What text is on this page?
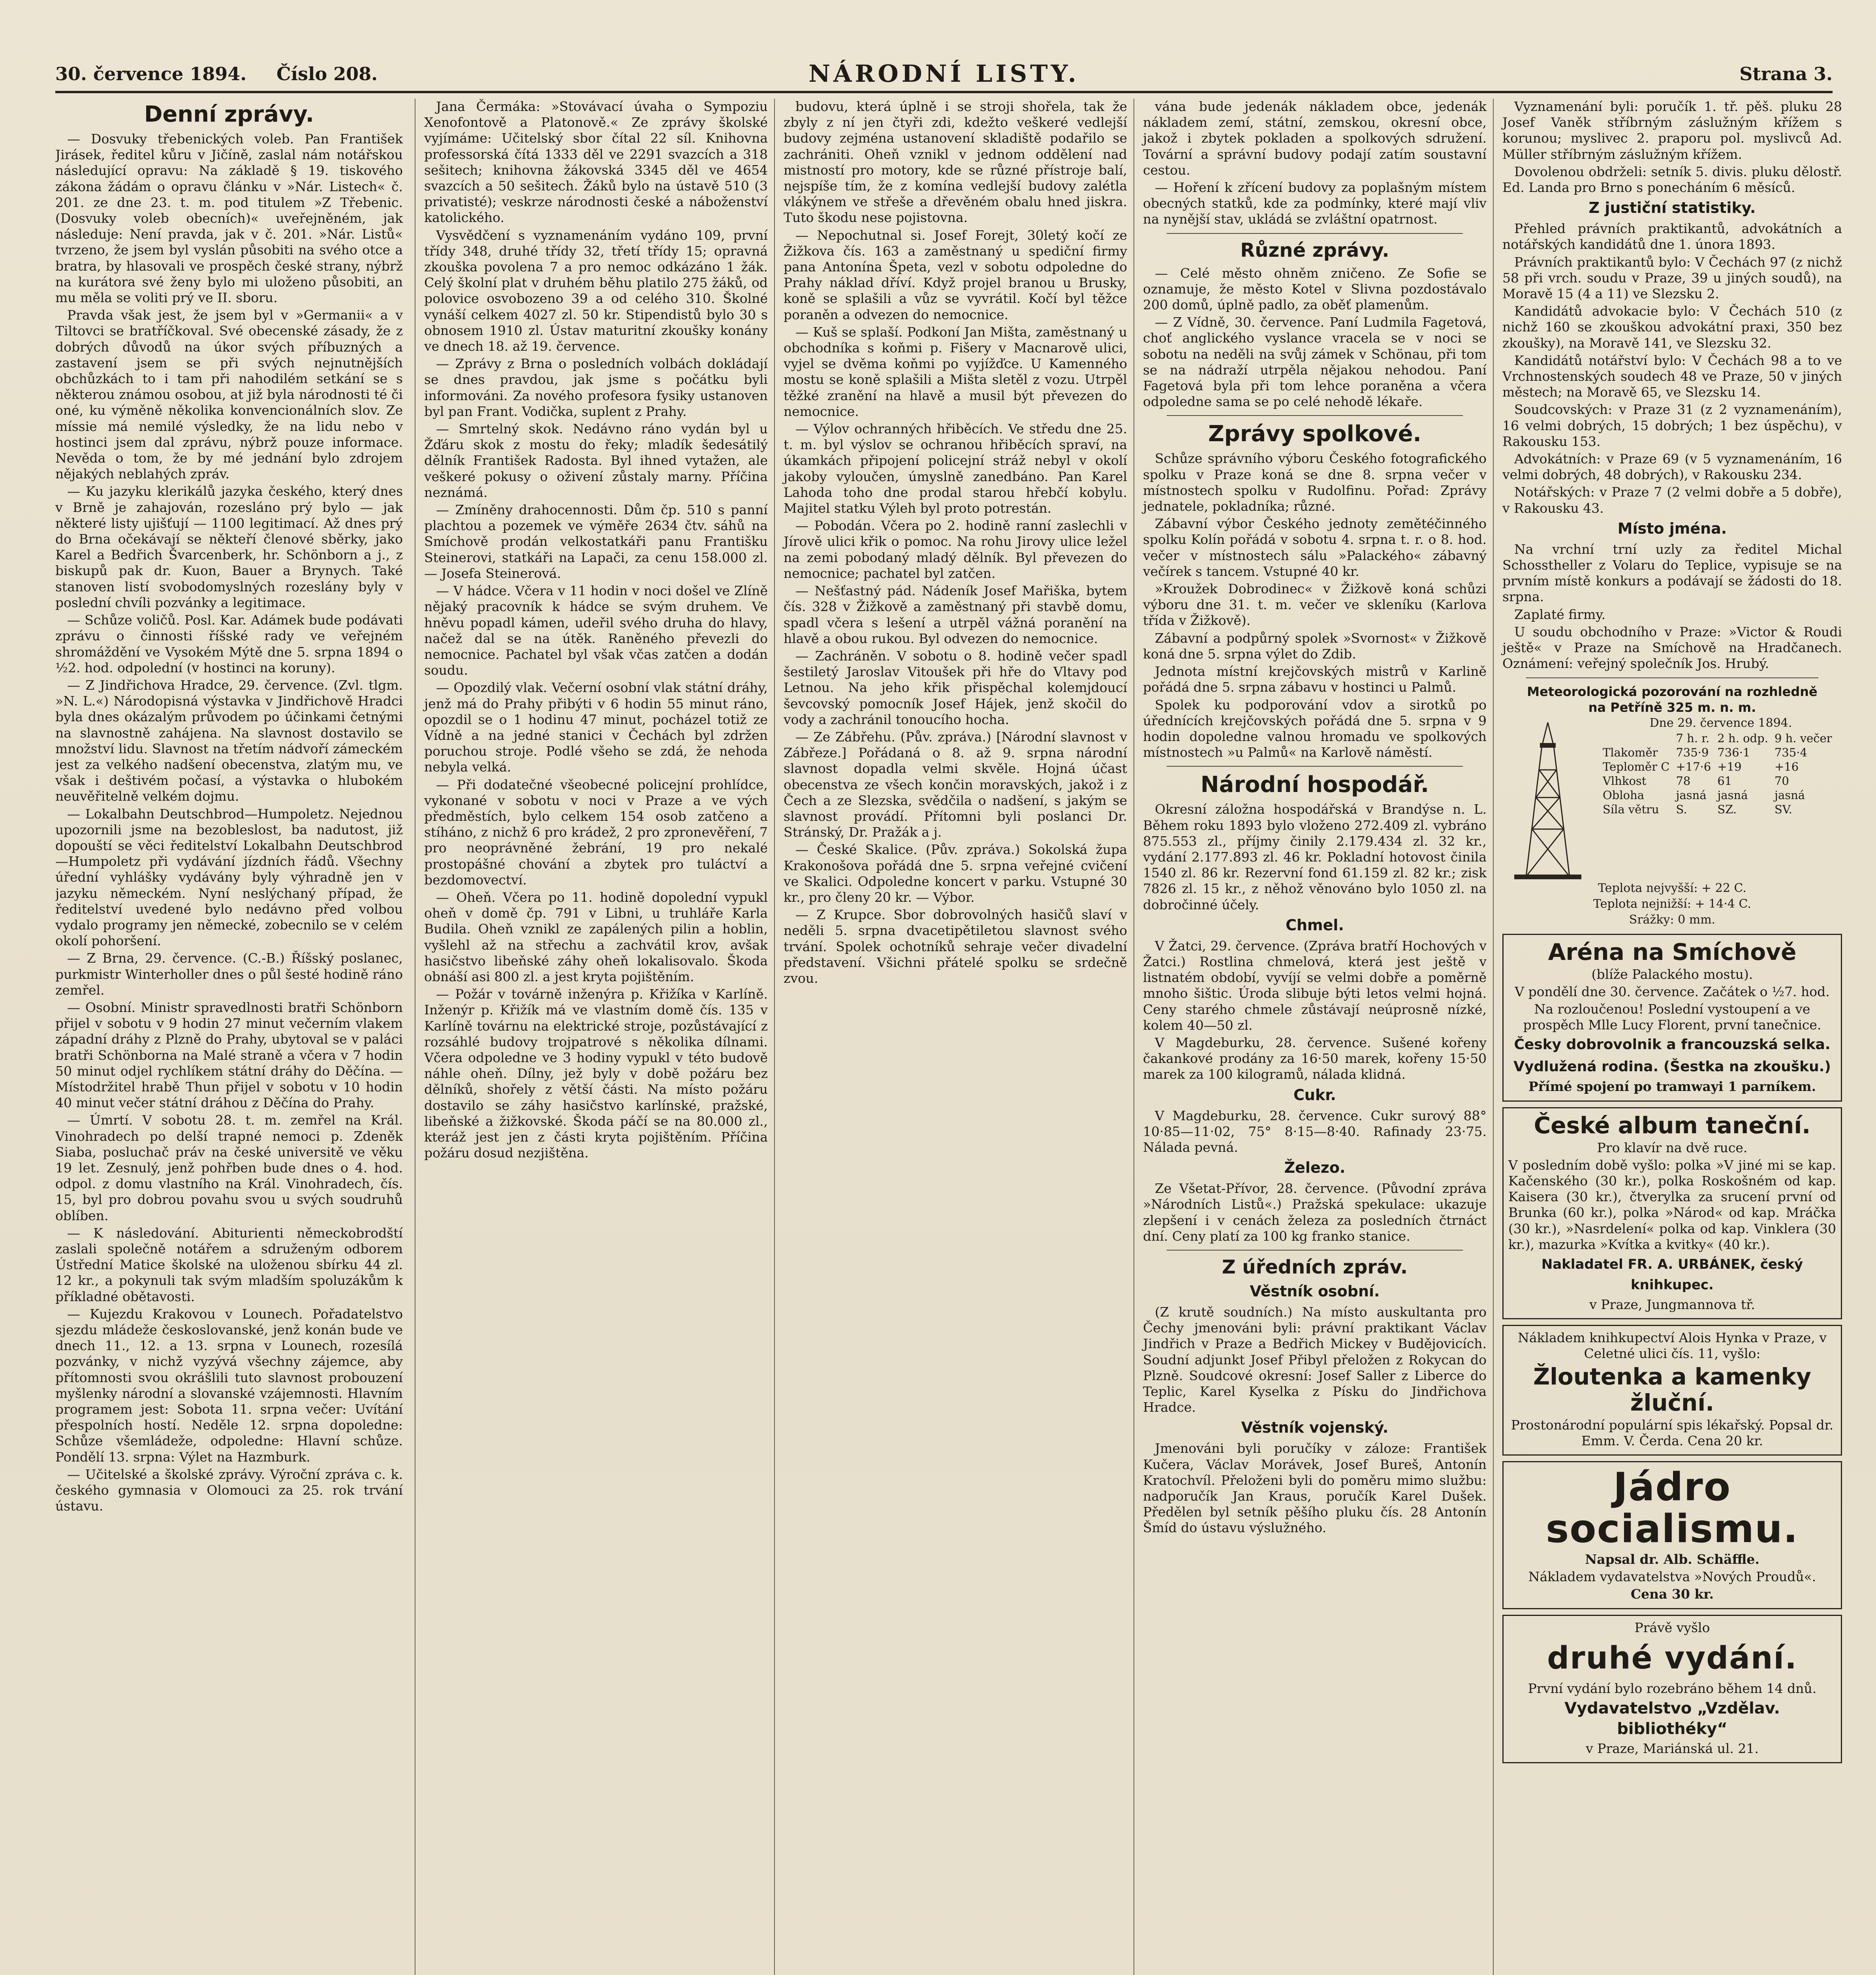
30. července 1894.	NÁRODNÍ LISTY.	Strana 3.
Číslo 208.
Denní zprávy.

— Dosvuky třebenických voleb. Pan František Jirásek, ředitel kůru v Jičíně, zaslal nám notářskou následující opravu: Na základě § 19. tiskového zákona žádám o opravu článku v »Nár. Listech« č. 201. ze dne 23. t. m. pod titulem »Z Třebenic. (Dosvuky voleb obecních)« uveřejněném, jak následuje: Není pravda, jak v č. 201. »Nár. Listů« tvrzeno, že jsem byl vyslán působiti na svého otce a bratra, by hlasovali ve prospěch české strany, nýbrž na kurátora své ženy bylo mi uloženo působiti, an mu měla se voliti prý ve II. sboru.

Pravda však jest, že jsem byl v »Germanii« a v Tiltovci se bratříčkoval. Své obecenské zásady, že z dobrých důvodů na úkor svých příbuzných a zastavení jsem se při svých nejnutnějších obchůzkách to i tam při nahodilém setkání se s některou známou osobou, at již byla národnosti té či oné, ku výměně několika konvencionálních slov. Ze míssie má nemilé výsledky, že na lidu nebo v hostinci jsem dal zprávu, nýbrž pouze informace. Nevěda o tom, že by mé jednání bylo zdrojem nějakých neblahých zpráv.

— Ku jazyku klerikálů jazyka českého, který dnes v Brně je zahajován, rozesláno prý bylo — jak některé listy ujišťují — 1100 legitimací. Až dnes prý do Brna očekávají se někteří členové sběrky, jako Karel a Bedřich Švarcenberk, hr. Schönborn a j., z biskupů pak dr. Kuon, Bauer a Brynych. Také stanoven listí svobodomyslných rozeslány byly v poslední chvíli pozvánky a legitimace.

— Schůze voličů. Posl. Kar. Adámek bude podávati zprávu o činnosti říšské rady ve veřejném shromáždění ve Vysokém Mýtě dne 5. srpna 1894 o ½2. hod. odpolední (v hostinci na koruny).

— Z Jindřichova Hradce, 29. července. (Zvl. tlgm. »N. L.«) Národopisná výstavka v Jindřichově Hradci byla dnes okázalým průvodem po účinkami četnými na slavnostně zahájena. Na slavnost dostavilo se množství lidu. Slavnost na třetím nádvoří zámeckém jest za velkého nadšení obecenstva, zlatým mu, ve však i deštivém počasí, a výstavka o hlubokém neuvěřitelně velkém dojmu.

— Lokalbahn Deutschbrod—Humpoletz. Nejednou upozornili jsme na bezobleslost, ba nadutost, již dopouští se věci ředitelství Lokalbahn Deutschbrod—Humpoletz při vydávání jízdních řádů. Všechny úřední vyhlášky vydávány byly výhradně jen v jazyku německém. Nyní neslýchaný případ, že ředitelství uvedené bylo nedávno před volbou vydalo programy jen německé, zobecnilo se v celém okolí pohoršení.

— Z Brna, 29. července. (C.-B.) Říšský poslanec, purkmistr Winterholler dnes o půl šesté hodině ráno zemřel.

— Osobní. Ministr spravedlnosti bratři Schönborn přijel v sobotu v 9 hodin 27 minut večerním vlakem západní dráhy z Plzně do Prahy, ubytoval se v paláci bratři Schönborna na Malé straně a včera v 7 hodin 50 minut odjel rychlíkem státní dráhy do Děčína. — Místodržitel hrabě Thun přijel v sobotu v 10 hodin 40 minut večer státní dráhou z Děčína do Prahy.

— Úmrtí. V sobotu 28. t. m. zemřel na Král. Vinohradech po delší trapné nemoci p. Zdeněk Siaba, posluchač práv na české universitě ve věku 19 let. Zesnulý, jenž pohřben bude dnes o 4. hod. odpol. z domu vlastního na Král. Vinohradech, čís. 15, byl pro dobrou povahu svou u svých soudruhů oblíben.

— K následování. Abiturienti německobrodští zaslali společně notářem a sdruženým odborem Ústřední Matice školské na uloženou sbírku 44 zl. 12 kr., a pokynuli tak svým mladším spoluzákům k příkladné obětavosti.

— Kujezdu Krakovou v Lounech. Pořadatelstvo sjezdu mládeže českoslovanské, jenž konán bude ve dnech 11., 12. a 13. srpna v Lounech, rozesílá pozvánky, v nichž vyzývá všechny zájemce, aby přítomnosti svou okrášlili tuto slavnost probouzení myšlenky národní a slovanské vzájemnosti. Hlavním programem jest: Sobota 11. srpna večer: Uvítání přespolních hostí. Neděle 12. srpna dopoledne: Schůze všemládeže, odpoledne: Hlavní schůze. Pondělí 13. srpna: Výlet na Hazmburk.

— Učitelské a školské zprávy. Výroční zpráva c. k. českého gymnasia v Olomouci za 25. rok trvání ústavu.

Jana Čermáka: »Stovávací úvaha o Sympoziu Xenofontově a Platonově.« Ze zprávy školské vyjímáme: Učitelský sbor čítal 22 síl. Knihovna professorská čítá 1333 děl ve 2291 svazcích a 318 sešitech; knihovna žákovská 3345 děl ve 4654 svazcích a 50 sešitech. Žáků bylo na ústavě 510 (3 privatisté); veskrze národnosti české a náboženství katolického.

Vysvědčení s vyznamenáním vydáno 109, první třídy 348, druhé třídy 32, třetí třídy 15; opravná zkouška povolena 7 a pro nemoc odkázáno 1 žák. Celý školní plat v druhém běhu platilo 275 žáků, od polovice osvobozeno 39 a od celého 310. Školné vynáší celkem 4027 zl. 50 kr. Stipendistů bylo 30 s obnosem 1910 zl. Ústav maturitní zkoušky konány ve dnech 18. až 19. července.

— Zprávy z Brna o posledních volbách dokládají se dnes pravdou, jak jsme s počátku byli informováni. Za nového profesora fysiky ustanoven byl pan Frant. Vodička, suplent z Prahy.

— Smrtelný skok. Nedávno ráno vydán byl u Žďáru skok z mostu do řeky; mladík šedesátilý dělník František Radosta. Byl ihned vytažen, ale veškeré pokusy o oživení zůstaly marny. Příčina neznámá.

— Zmíněny drahocennosti. Dům čp. 510 s panní plachtou a pozemek ve výměře 2634 čtv. sáhů na Smíchově prodán velkostatkáři panu Františku Steinerovi, statkáři na Lapači, za cenu 158.000 zl. — Josefa Steinerová.

— V hádce. Včera v 11 hodin v noci došel ve Zlíně nějaký pracovník k hádce se svým druhem. Ve hněvu popadl kámen, udeřil svého druha do hlavy, načež dal se na útěk. Raněného převezli do nemocnice. Pachatel byl však včas zatčen a dodán soudu.

— Opozdilý vlak. Večerní osobní vlak státní dráhy, jenž má do Prahy přibýti v 6 hodin 55 minut ráno, opozdil se o 1 hodinu 47 minut, pocházel totiž ze Vídně a na jedné stanici v Čechách byl zdržen poruchou stroje. Podlé všeho se zdá, že nehoda nebyla velká.

— Při dodatečné všeobecné policejní prohlídce, vykonané v sobotu v noci v Praze a ve vých předměstích, bylo celkem 154 osob zatčeno a stíháno, z nichž 6 pro krádež, 2 pro zpronevěření, 7 pro neoprávněné žebrání, 19 pro nekalé prostopášné chování a zbytek pro tuláctví a bezdomovectví.

— Oheň. Včera po 11. hodině dopolední vypukl oheň v domě čp. 791 v Libni, u truhláře Karla Budila. Oheň vznikl ze zapálených pilin a hoblin, vyšlehl až na střechu a zachvátil krov, avšak hasičstvo libeňské záhy oheň lokalisovalo. Škoda obnáší asi 800 zl. a jest kryta pojištěním.

— Požár v továrně inženýra p. Křižíka v Karlíně. Inženýr p. Křižík má ve vlastním domě čís. 135 v Karlíně továrnu na elektrické stroje, pozůstávající z rozsáhlé budovy trojpatrové s několika dílnami. Včera odpoledne ve 3 hodiny vypukl v této budově náhle oheň. Dílny, jež byly v době požáru bez dělníků, shořely z větší části. Na místo požáru dostavilo se záhy hasičstvo karlínské, pražské, libeňské a žižkovské. Škoda páčí se na 80.000 zl., kteráž jest jen z části kryta pojištěním. Příčina požáru dosud nezjištěna.

budovu, která úplně i se stroji shořela, tak že zbyly z ní jen čtyři zdi, kdežto veškeré vedlejší budovy zejména ustanovení skladiště podařilo se zachrániti. Oheň vznikl v jednom oddělení nad mistností pro motory, kde se různé přístroje balí, nejspíše tím, že z komína vedlejší budovy zalétla vlákýnem ve střeše a dřevěném obalu hned jiskra. Tuto škodu nese pojistovna.

— Nepochutnal si. Josef Forejt, 30letý kočí ze Žižkova čís. 163 a zaměstnaný u spediční firmy pana Antonína Špeta, vezl v sobotu odpoledne do Prahy náklad dříví. Když projel branou u Brusky, koně se splašili a vůz se vyvrátil. Kočí byl těžce poraněn a odvezen do nemocnice.

— Kuš se splaší. Podkoní Jan Mišta, zaměstnaný u obchodníka s koňmi p. Fišery v Macnarově ulici, vyjel se dvěma koňmi po vyjížďce. U Kamenného mostu se koně splašili a Mišta sletěl z vozu. Utrpěl těžké zranění na hlavě a musil být převezen do nemocnice.

— Výlov ochranných hřiběcích. Ve středu dne 25. t. m. byl výslov se ochranou hřiběcích spraví, na úkamkách připojení policejní stráž nebyl v okolí jakoby vyloučen, úmyslně zanedbáno. Pan Karel Lahoda toho dne prodal starou hřebčí kobylu. Majitel statku Výleh byl proto potrestán.

— Pobodán. Včera po 2. hodině ranní zaslechli v Jírově ulici křik o pomoc. Na rohu Jirovy ulice ležel na zemi pobodaný mladý dělník. Byl převezen do nemocnice; pachatel byl zatčen.

— Nešťastný pád. Nádeník Josef Mařiška, bytem čís. 328 v Žižkově a zaměstnaný při stavbě domu, spadl včera s lešení a utrpěl vážná poranění na hlavě a obou rukou. Byl odvezen do nemocnice.

— Zachráněn. V sobotu o 8. hodině večer spadl šestiletý Jaroslav Vitoušek při hře do Vltavy pod Letnou. Na jeho křik přispěchal kolemjdoucí ševcovský pomocník Josef Hájek, jenž skočil do vody a zachránil tonoucího hocha.

— Ze Zábřehu. (Pův. zpráva.) [Národní slavnost v Zábřeze.] Pořádaná o 8. až 9. srpna národní slavnost dopadla velmi skvěle. Hojná účast obecenstva ze všech končin moravských, jakož i z Čech a ze Slezska, svědčila o nadšení, s jakým se slavnost provádí. Přítomni byli poslanci Dr. Stránský, Dr. Pražák a j.

— České Skalice. (Pův. zpráva.) Sokolská župa Krakonošova pořádá dne 5. srpna veřejné cvičení ve Skalici. Odpoledne koncert v parku. Vstupné 30 kr., pro členy 20 kr. — Výbor.

— Z Krupce. Sbor dobrovolných hasičů slaví v neděli 5. srpna dvacetipětiletou slavnost svého trvání. Spolek ochotníků sehraje večer divadelní představení. Všichni přátelé spolku se srdečně zvou.

vána bude jedenák nákladem obce, jedenák nákladem zemí, státní, zemskou, okresní obce, jakož i zbytek pokladen a spolkových sdružení. Tovární a správní budovy podají zatím soustavní cestou.

— Hoření k zřícení budovy za poplašným místem obecných statků, kde za podmínky, které mají vliv na nynější stav, ukládá se zvláštní opatrnost.

Různé zprávy.

— Celé město ohněm zničeno. Ze Sofie se oznamuje, že město Kotel v Slivna pozdostávalo 200 domů, úplně padlo, za oběť plamenům.

— Z Vídně, 30. července. Paní Ludmila Fagetová, choť anglického vyslance vracela se v noci se sobotu na neděli na svůj zámek v Schönau, při tom se na nádraží utrpěla nějakou nehodou. Paní Fagetová byla při tom lehce poraněna a včera odpoledne sama se po celé nehodě lékaře.

Zprávy spolkové.

Schůze správního výboru Českého fotografického spolku v Praze koná se dne 8. srpna večer v místnostech spolku v Rudolfinu. Pořad: Zprávy jednatele, pokladníka; různé.

Zábavní výbor Českého jednoty zemětéčinného spolku Kolín pořádá v sobotu 4. srpna t. r. o 8. hod. večer v místnostech sálu »Palackého« zábavný večírek s tancem. Vstupné 40 kr.

»Kroužek Dobrodinec« v Žižkově koná schůzi výboru dne 31. t. m. večer ve skleníku (Karlova třída v Žižkově).

Zábavní a podpůrný spolek »Svornost« v Žižkově koná dne 5. srpna výlet do Zdib.

Jednota místní krejčovských mistrů v Karlině pořádá dne 5. srpna zábavu v hostinci u Palmů.

Spolek ku podporování vdov a sirotků po úřednících krejčovských pořádá dne 5. srpna v 9 hodin dopoledne valnou hromadu ve spolkových místnostech »u Palmů« na Karlově náměstí.

Národní hospodář.

Okresní záložna hospodářská v Brandýse n. L. Během roku 1893 bylo vloženo 272.409 zl. vybráno 875.553 zl., příjmy činily 2.179.434 zl. 32 kr., vydání 2.177.893 zl. 46 kr. Pokladní hotovost činila 1540 zl. 86 kr. Rezervní fond 61.159 zl. 82 kr.; zisk 7826 zl. 15 kr., z něhož věnováno bylo 1050 zl. na dobročinné účely.

Chmel.

V Žatci, 29. července. (Zpráva bratří Hochových v Žatci.) Rostlina chmelová, která jest ještě v listnatém období, vyvíjí se velmi dobře a poměrně mnoho šištic. Úroda slibuje býti letos velmi hojná. Ceny starého chmele zůstávají neúprosně nízké, kolem 40—50 zl.

V Magdeburku, 28. července. Sušené kořeny čakankové prodány za 16·50 marek, kořeny 15·50 marek za 100 kilogramů, nálada klidná.

Cukr.

V Magdeburku, 28. července. Cukr surový 88° 10·85—11·02, 75° 8·15—8·40. Rafinady 23·75. Nálada pevná.

Železo.

Ze Všetat-Přívor, 28. července. (Původní zpráva »Národních Listů«.) Pražská spekulace: ukazuje zlepšení i v cenách železa za posledních čtrnáct dní. Ceny platí za 100 kg franko stanice.

Z úředních zpráv.
Věstník osobní.

(Z krutě soudních.) Na místo auskultanta pro Čechy jmenováni byli: právní praktikant Václav Jindřich v Praze a Bedřich Mickey v Budějovicích. Soudní adjunkt Josef Přibyl přeložen z Rokycan do Plzně. Soudcové okresní: Josef Saller z Liberce do Teplic, Karel Kyselka z Písku do Jindřichova Hradce.

Věstník vojenský.

Jmenováni byli poručíky v záloze: František Kučera, Václav Morávek, Josef Bureš, Antonín Kratochvíl. Přeloženi byli do poměru mimo službu: nadporučík Jan Kraus, poručík Karel Dušek. Předělen byl setník pěšího pluku čís. 28 Antonín Šmíd do ústavu výslužného.

Vyznamenání byli: poručík 1. tř. pěš. pluku 28 Josef Vaněk stříbrným záslužným křížem s korunou; myslivec 2. praporu pol. myslivců Ad. Müller stříbrným záslužným křížem.

Dovolenou obdrželi: setník 5. divis. pluku dělostř. Ed. Landa pro Brno s ponecháním 6 měsíců.

Z justiční statistiky.

Přehled právních praktikantů, advokátních a notářských kandidátů dne 1. února 1893.

Právních praktikantů bylo: V Čechách 97 (z nichž 58 při vrch. soudu v Praze, 39 u jiných soudů), na Moravě 15 (4 a 11) ve Slezsku 2.

Kandidátů advokacie bylo: V Čechách 510 (z nichž 160 se zkouškou advokátní praxi, 350 bez zkoušky), na Moravě 141, ve Slezsku 32.

Kandidátů notářství bylo: V Čechách 98 a to ve Vrchnostenských soudech 48 ve Praze, 50 v jiných městech; na Moravě 65, ve Slezsku 14.

Soudcovských: v Praze 31 (z 2 vyznamenáním), 16 velmi dobrých, 15 dobrých; 1 bez úspěchu), v Rakousku 153.

Advokátních: v Praze 69 (v 5 vyznamenáním, 16 velmi dobrých, 48 dobrých), v Rakousku 234.

Notářských: v Praze 7 (2 velmi dobře a 5 dobře), v Rakousku 43.

Místo jména.

Na vrchní trní uzly za ředitel Michal Schosstheller z Volaru do Teplice, vypisuje se na prvním místě konkurs a podávají se žádosti do 18. srpna.

Zaplaté firmy.

U soudu obchodního v Praze: »Victor & Roudi ještě« v Praze na Smíchově na Hradčanech. Oznámení: veřejný společník Jos. Hrubý.

Meteorologická pozorování na rozhledně
na Petříně 325 m. n. m.
Dne 29. července 1894.
	7 h. r.	2 h. odp.	9 h. večer
Tlakoměr	735·9	736·1	735·4
Teploměr C	+17·6	+19	+16
Vlhkost	78	61	70
Obloha	jasná	jasná	jasná
Síla větru	S.	SZ.	SV.
Teplota nejvyšší: + 22 C.
Teplota nejnižší: + 14·4 C.
Srážky: 0 mm.

Aréna na Smíchově

(blíže Palackého mostu).

V pondělí dne 30. července. Začátek o ½7. hod.

Na rozloučenou! Poslední vystoupení a ve prospěch Mlle Lucy Florent, první tanečnice.

Česky dobrovolnik a francouzská selka.

Vydlužená rodina. (Šestka na zkoušku.)

Přímé spojení po tramwayi 1 parníkem.

České album taneční.

Pro klavír na dvě ruce.

V posledním době vyšlo: polka »V jiné mi se kap. Kačenského (30 kr.), polka Roskošném od kap. Kaisera (30 kr.), čtverylka za srucení první od Brunka (60 kr.), polka »Národ« od kap. Mráčka (30 kr.), »Nasrdelení« polka od kap. Vinklera (30 kr.), mazurka »Kvítka a kvitky« (40 kr.).

Nakladatel FR. A. URBÁNEK, český knihkupec.

v Praze, Jungmannova tř.

Nákladem knihkupectví Alois Hynka v Praze, v Celetné ulici čís. 11, vyšlo:

Žloutenka a kamenky žluční.

Prostonárodní populární spis lékařský. Popsal dr. Emm. V. Čerda. Cena 20 kr.

Jádro socialismu.

Napsal dr. Alb. Schäffle.

Nákladem vydavatelstva »Nových Proudů«.

Cena 30 kr.

Právě vyšlo

druhé vydání.

První vydání bylo rozebráno během 14 dnů.

Vydavatelstvo „Vzdělav. bibliothéky“

v Praze, Mariánská ul. 21.
